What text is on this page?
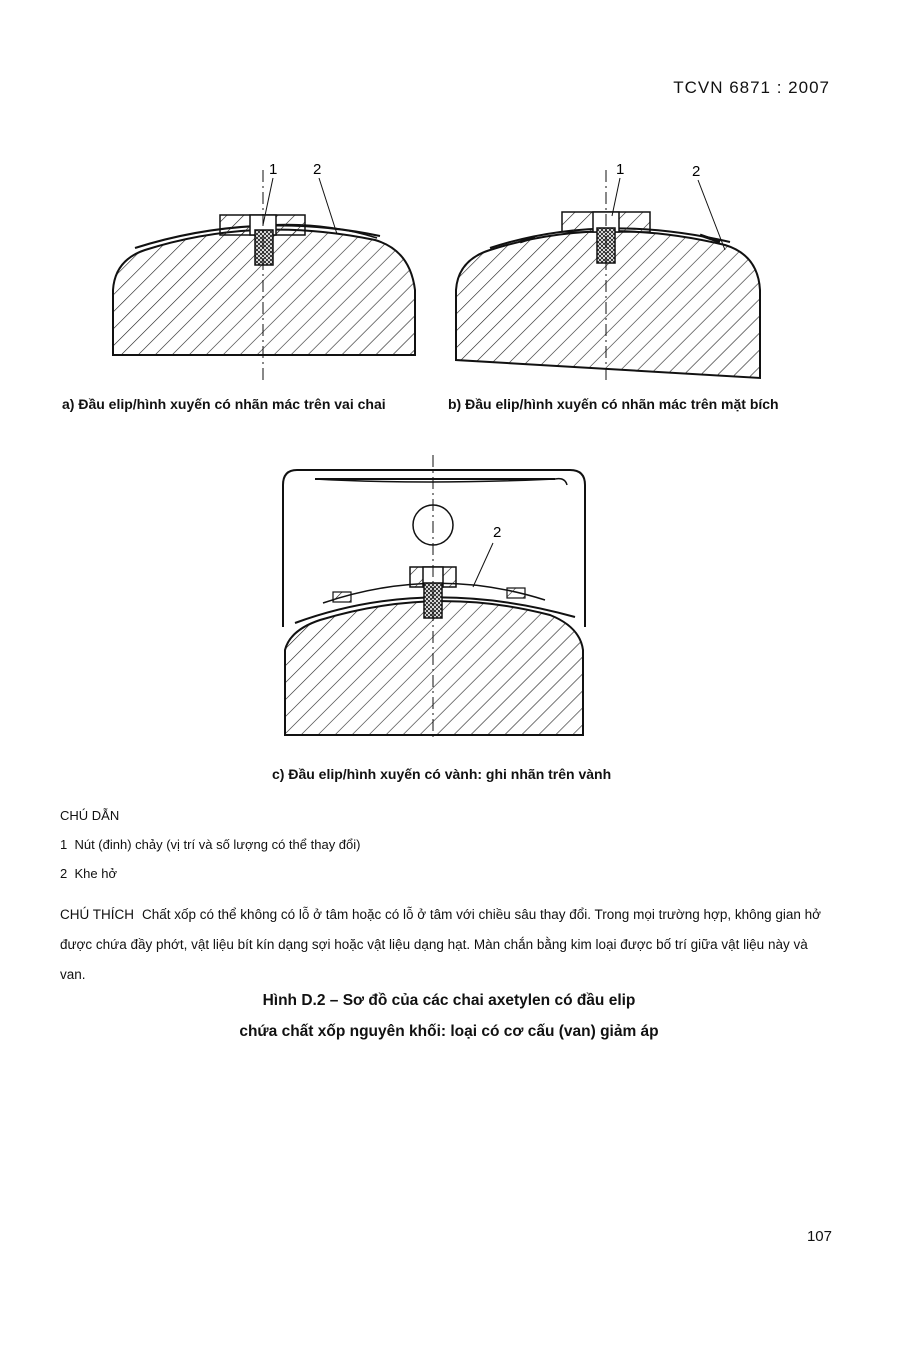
TCVN 6871 : 2007
1 2	1	2
2
a) Đầu elip/hình xuyến có nhãn mác trên vai chai	b) Đầu elip/hình xuyến có nhãn mác trên mặt bích
c) Đầu elip/hình xuyến có vành: ghi nhãn trên vành
CHÚ DẪN
1 Nút (đinh) chảy (vị trí và số lượng có thể thay đổi)
2 Khe hở
CHÚ THÍCH Chất xốp có thể không có lỗ ở tâm hoặc có lỗ ở tâm với chiều sâu thay đổi. Trong mọi trường hợp, không gian hở được chứa đầy phớt, vật liệu bít kín dạng sợi hoặc vật liệu dạng hạt. Màn chắn bằng kim loại được bố trí giữa vật liệu này và van.
Hình D.2 – Sơ đồ của các chai axetylen có đầu elip
chứa chất xốp nguyên khối: loại có cơ cấu (van) giảm áp
107
